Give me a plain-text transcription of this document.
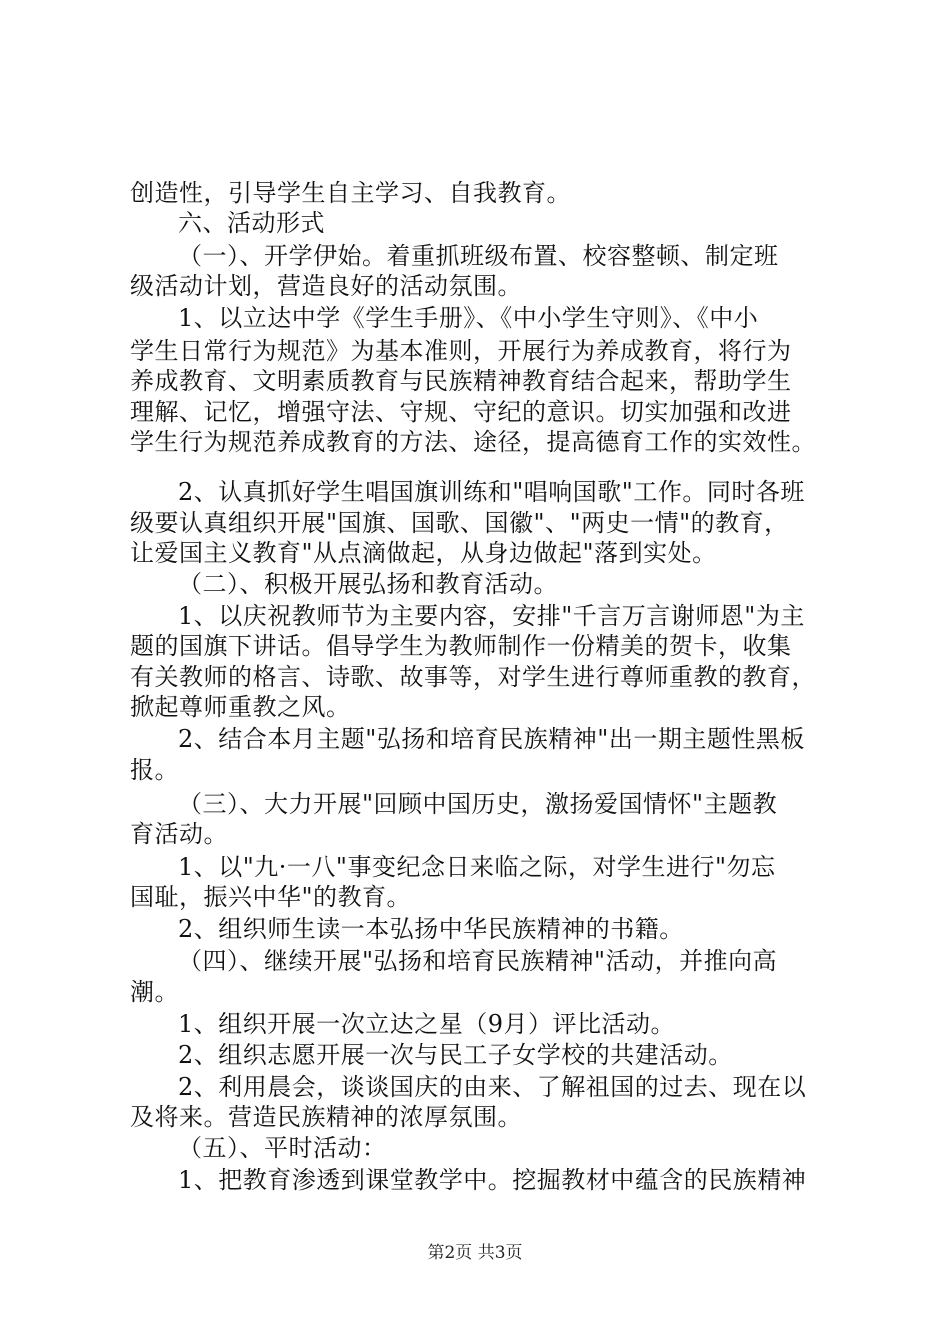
创造性，引导学生自主学习、自我教育。
六、活动形式
（一）、开学伊始。着重抓班级布置、校容整顿、制定班
级活动计划，营造良好的活动氛围。
1、以立达中学《学生手册》、《中小学生守则》、《中小
学生日常行为规范》为基本准则，开展行为养成教育，将行为
养成教育、文明素质教育与民族精神教育结合起来，帮助学生
理解、记忆，增强守法、守规、守纪的意识。切实加强和改进
学生行为规范养成教育的方法、途径，提高德育工作的实效性。
2、认真抓好学生唱国旗训练和"唱响国歌"工作。同时各班
级要认真组织开展"国旗、国歌、国徽"、"两史一情"的教育，
让爱国主义教育"从点滴做起，从身边做起"落到实处。
（二）、积极开展弘扬和教育活动。
1、以庆祝教师节为主要内容，安排"千言万言谢师恩"为主
题的国旗下讲话。倡导学生为教师制作一份精美的贺卡，收集
有关教师的格言、诗歌、故事等，对学生进行尊师重教的教育，
掀起尊师重教之风。
2、结合本月主题"弘扬和培育民族精神"出一期主题性黑板
报。
（三）、大力开展"回顾中国历史，激扬爱国情怀"主题教
育活动。
1、以"九·一八"事变纪念日来临之际，对学生进行"勿忘
国耻，振兴中华"的教育。
2、组织师生读一本弘扬中华民族精神的书籍。
（四）、继续开展"弘扬和培育民族精神"活动，并推向高
潮。
1、组织开展一次立达之星（9月）评比活动。
2、组织志愿开展一次与民工子女学校的共建活动。
2、利用晨会，谈谈国庆的由来、了解祖国的过去、现在以
及将来。营造民族精神的浓厚氛围。
（五）、平时活动：
1、把教育渗透到课堂教学中。挖掘教材中蕴含的民族精神
第2页 共3页
